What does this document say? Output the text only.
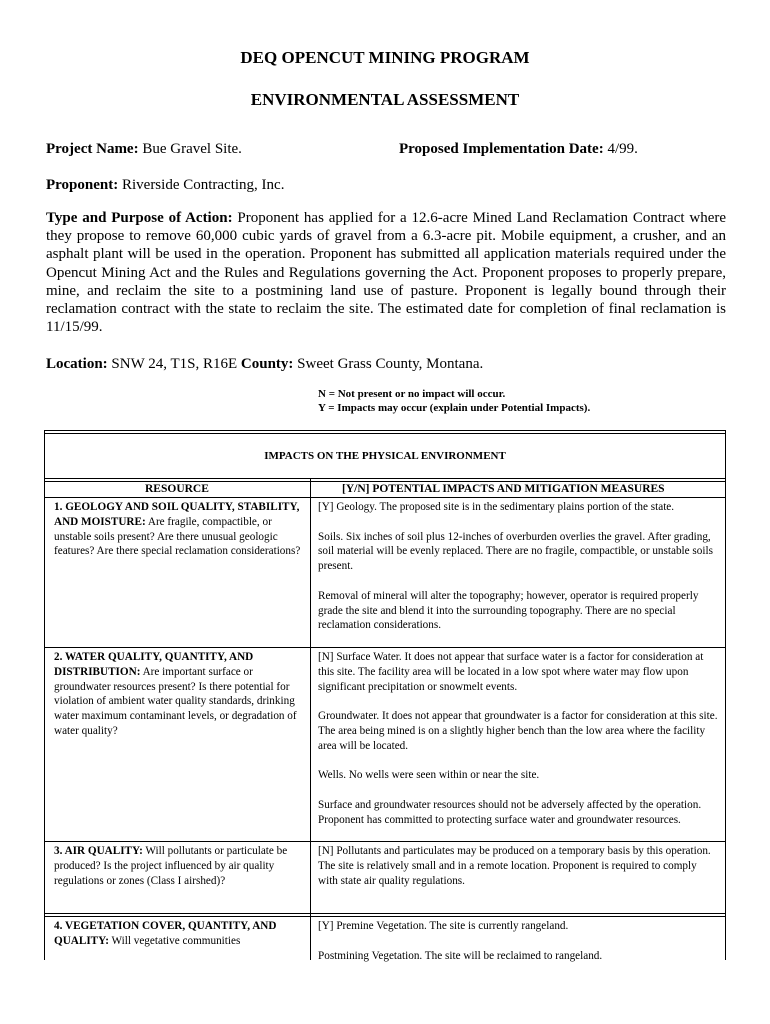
DEQ OPENCUT MINING PROGRAM
ENVIRONMENTAL ASSESSMENT
Project Name: Bue Gravel Site.	Proposed Implementation Date: 4/99.
Proponent: Riverside Contracting, Inc.
Type and Purpose of Action: Proponent has applied for a 12.6-acre Mined Land Reclamation Contract where they propose to remove 60,000 cubic yards of gravel from a 6.3-acre pit. Mobile equipment, a crusher, and an asphalt plant will be used in the operation. Proponent has submitted all application materials required under the Opencut Mining Act and the Rules and Regulations governing the Act. Proponent proposes to properly prepare, mine, and reclaim the site to a postmining land use of pasture. Proponent is legally bound through their reclamation contract with the state to reclaim the site. The estimated date for completion of final reclamation is 11/15/99.
Location: SNW 24, T1S, R16E County: Sweet Grass County, Montana.
N = Not present or no impact will occur.
Y = Impacts may occur (explain under Potential Impacts).
IMPACTS ON THE PHYSICAL ENVIRONMENT
RESOURCE	[Y/N] POTENTIAL IMPACTS AND MITIGATION MEASURES
1. GEOLOGY AND SOIL QUALITY, STABILITY, AND MOISTURE: Are fragile, compactible, or unstable soils present? Are there unusual geologic features? Are there special reclamation considerations?

[Y] Geology. The proposed site is in the sedimentary plains portion of the state.

Soils. Six inches of soil plus 12-inches of overburden overlies the gravel. After grading, soil material will be evenly replaced. There are no fragile, compactible, or unstable soils present.

Removal of mineral will alter the topography; however, operator is required properly grade the site and blend it into the surrounding topography. There are no special reclamation considerations.

2. WATER QUALITY, QUANTITY, AND DISTRIBUTION: Are important surface or groundwater resources present? Is there potential for violation of ambient water quality standards, drinking water maximum contaminant levels, or degradation of water quality?

[N] Surface Water. It does not appear that surface water is a factor for consideration at this site. The facility area will be located in a low spot where water may flow upon significant precipitation or snowmelt events.

Groundwater. It does not appear that groundwater is a factor for consideration at this site. The area being mined is on a slightly higher bench than the low area where the facility area will be located.

Wells. No wells were seen within or near the site.

Surface and groundwater resources should not be adversely affected by the operation. Proponent has committed to protecting surface water and groundwater resources.

3. AIR QUALITY: Will pollutants or particulate be produced? Is the project influenced by air quality regulations or zones (Class I airshed)?

[N] Pollutants and particulates may be produced on a temporary basis by this operation. The site is relatively small and in a remote location. Proponent is required to comply with state air quality regulations.

4. VEGETATION COVER, QUANTITY, AND QUALITY: Will vegetative communities

[Y] Premine Vegetation. The site is currently rangeland.

Postmining Vegetation. The site will be reclaimed to rangeland.
